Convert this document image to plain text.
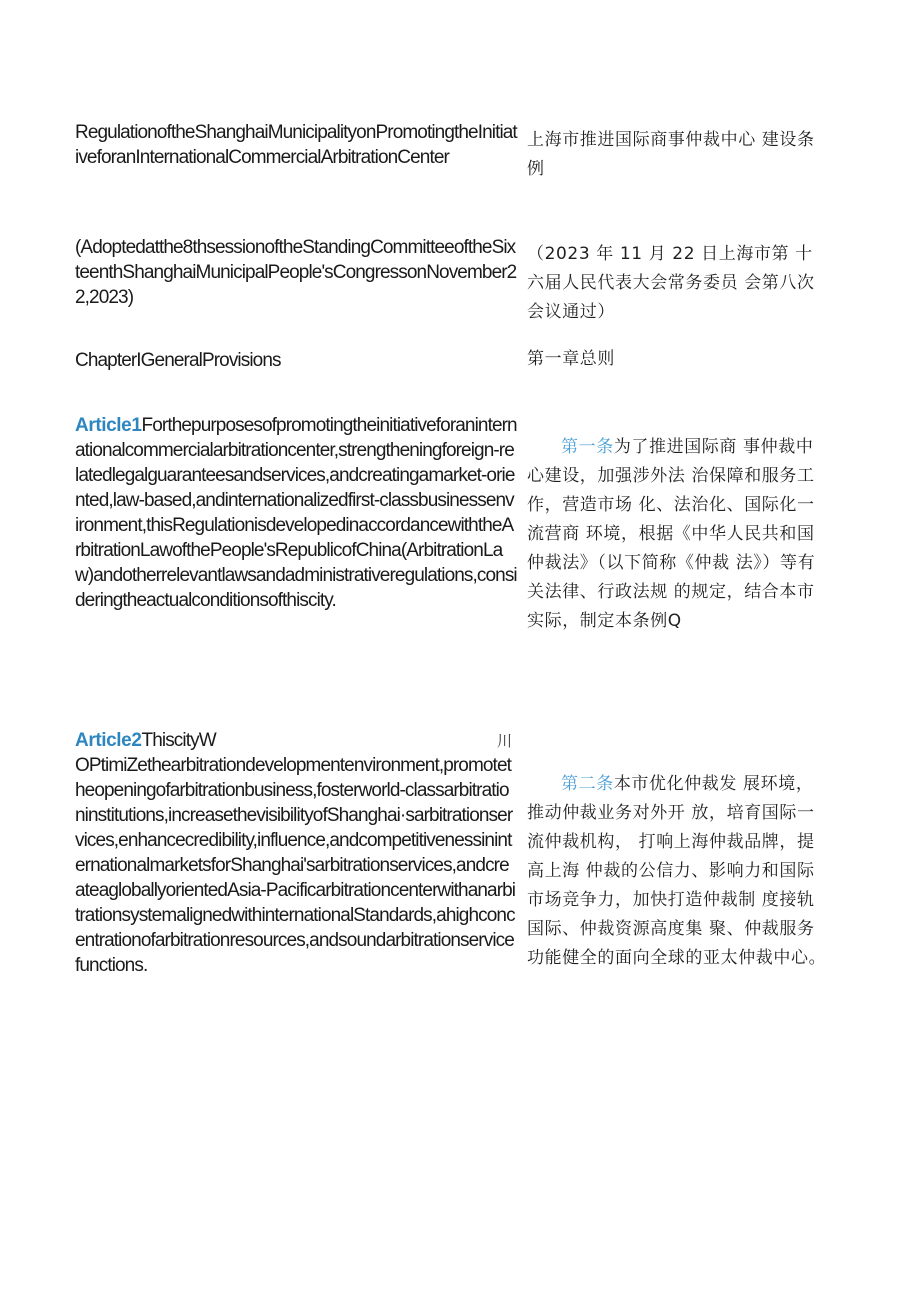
RegulationoftheShanghaiMunicipalityonPromotingtheInitiativeforanInternationalCommercialArbitrationCenter

上海市推进国际商事仲裁中心 建设条例

(Adoptedatthe8thsessionoftheStandingCommitteeoftheSixteenthShanghaiMunicipalPeople'sCongressonNovember22,2023)

（2023 年 11 月 22 日上海市第 十六届人民代表大会常务委员 会第八次会议通过）

ChapterIGeneralProvisions	第一章总则

Article1Forthepurposesofpromotingtheinitiativeforaninternationalcommercialarbitrationcenter,strengtheningforeign-relatedlegalguaranteesandservices,andcreatingamarket-oriented,law-based,andinternationalizedfirst-classbusinessenvironment,thisRegulationisdevelopedinaccordancewiththeArbitrationLawofthePeople'sRepublicofChina(ArbitrationLaw)andotherrelevantlawsandadministrativeregulations,consideringtheactualconditionsofthiscity.

第一条为了推进国际商 事仲裁中心建设，加强涉外法 治保障和服务工作，营造市场 化、法治化、国际化一流营商 环境，根据《中华人民共和国 仲裁法》（以下简称《仲裁 法》）等有关法律、行政法规 的规定，结合本市实际，制定本条例Q

Article2ThiscityW
OPtimiZethearbitrationdevelopmentenvironment,promotetheopeningofarbitrationbusiness,fosterworld-classarbitrationinstitutions,increasethevisibilityofShanghai·sarbitrationservices,enhancecredibility,influence,andcompetitivenessininternationalmarketsforShanghai'sarbitrationservices,andcreateagloballyorientedAsia-PacificarbitrationcenterwithanarbitrationsystemalignedwithinternationalStandards,ahighconcentrationofarbitrationresources,andsoundarbitrationservicefunctions.

川

第二条本市优化仲裁发 展环境，推动仲裁业务对外开 放，培育国际一流仲裁机构， 打响上海仲裁品牌，提高上海 仲裁的公信力、影响力和国际 市场竞争力，加快打造仲裁制 度接轨国际、仲裁资源高度集 聚、仲裁服务功能健全的面向全球的亚太仲裁中心。
